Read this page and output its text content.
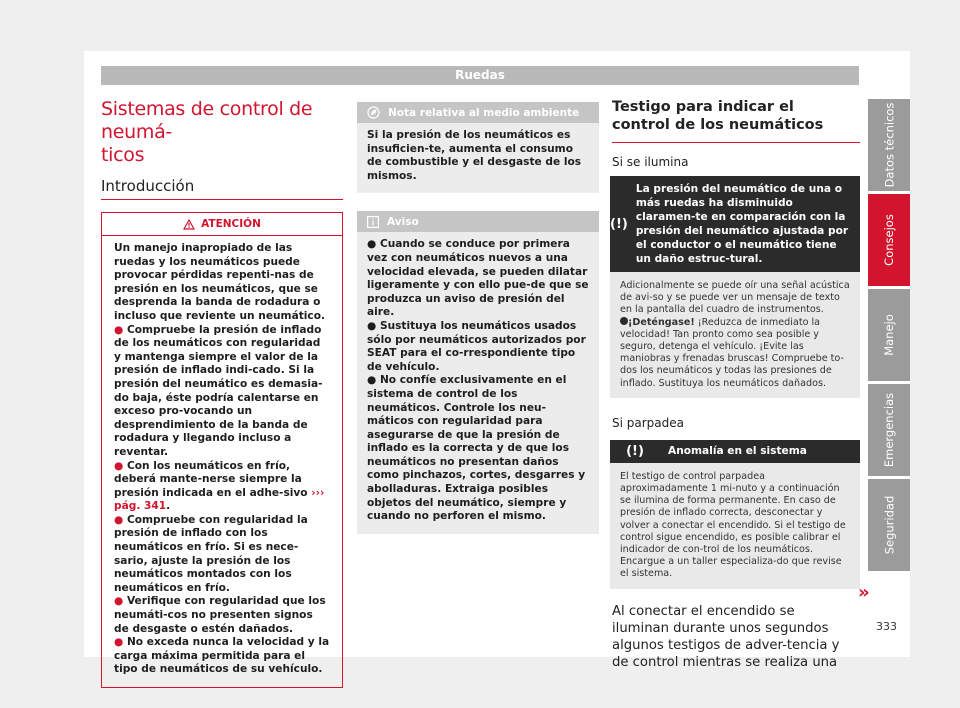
Ruedas
Sistemas de control de neumá-
ticos
Introducción
ATENCIÓN

Un manejo inapropiado de las ruedas y los neumáticos puede provocar pérdidas repenti-nas de presión en los neumáticos, que se desprenda la banda de rodadura o incluso que reviente un neumático.

● Compruebe la presión de inflado de los neumáticos con regularidad y mantenga siempre el valor de la presión de inflado indi-cado. Si la presión del neumático es demasia-do baja, éste podría calentarse en exceso pro-vocando un desprendimiento de la banda de rodadura y llegando incluso a reventar.

● Con los neumáticos en frío, deberá mante-nerse siempre la presión indicada en el adhe-sivo ››› pág. 341.

● Compruebe con regularidad la presión de inflado con los neumáticos en frío. Si es nece-sario, ajuste la presión de los neumáticos montados con los neumáticos en frío.

● Verifique con regularidad que los neumáti-cos no presenten signos de desgaste o estén dañados.

● No exceda nunca la velocidad y la carga máxima permitida para el tipo de neumáticos de su vehículo.

Nota relativa al medio ambiente

Si la presión de los neumáticos es insuficien-te, aumenta el consumo de combustible y el desgaste de los mismos.

Aviso

● Cuando se conduce por primera vez con neumáticos nuevos a una velocidad elevada, se pueden dilatar ligeramente y con ello pue-de que se produzca un aviso de presión del aire.

● Sustituya los neumáticos usados sólo por neumáticos autorizados por SEAT para el co-rrespondiente tipo de vehículo.

● No confíe exclusivamente en el sistema de control de los neumáticos. Controle los neu-máticos con regularidad para asegurarse de que la presión de inflado es la correcta y de que los neumáticos no presentan daños como pinchazos, cortes, desgarres y abolladuras. Extraiga posibles objetos del neumático, siempre y cuando no perforen el mismo.

Testigo para indicar el control de los neumáticos
Si se ilumina
(!)
La presión del neumático de una o más ruedas ha disminuido claramen-te en comparación con la presión del neumático ajustada por el conductor o el neumático tiene un daño estruc-tural.

Adicionalmente se puede oír una señal acústica de avi-so y se puede ver un mensaje de texto en la pantalla del cuadro de instrumentos.

¡Deténgase! ¡Reduzca de inmediato la velocidad! Tan pronto como sea posible y seguro, detenga el vehículo. ¡Evite las maniobras y frenadas bruscas! Compruebe to-dos los neumáticos y todas las presiones de inflado. Sustituya los neumáticos dañados.

Si parpadea
(!)	Anomalía en el sistema

El testigo de control parpadea aproximadamente 1 mi-nuto y a continuación se ilumina de forma permanente. En caso de presión de inflado correcta, desconectar y volver a conectar el encendido. Si el testigo de control sigue encendido, es posible calibrar el indicador de con-trol de los neumáticos. Encargue a un taller especializa-do que revise el sistema.

Al conectar el encendido se iluminan durante unos segundos algunos testigos de adver-tencia y de control mientras se realiza una
»
Datos técnicos
Consejos
Manejo
Emergencias
Seguridad
333
